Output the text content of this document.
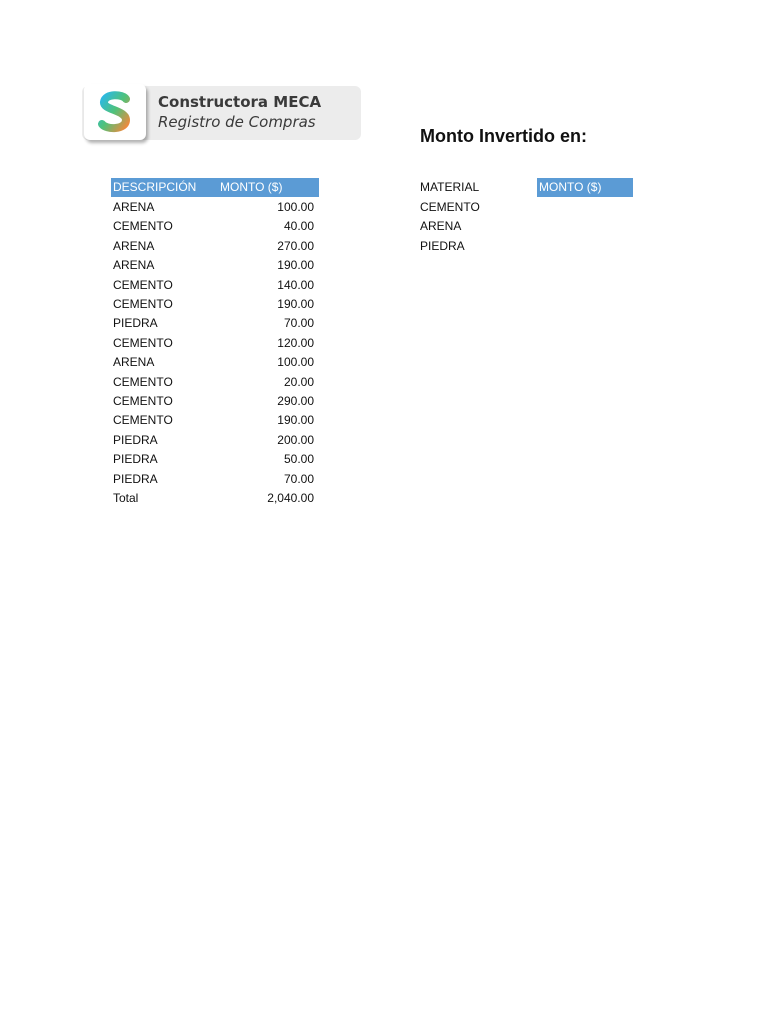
Constructora MECA
Registro de Compras
Monto Invertido en:
DESCRIPCIÓN MONTO ($)
ARENA	100.00
CEMENTO	40.00
ARENA	270.00
ARENA	190.00
CEMENTO	140.00
CEMENTO	190.00
PIEDRA	70.00
CEMENTO	120.00
ARENA	100.00
CEMENTO	20.00
CEMENTO	290.00
CEMENTO	190.00
PIEDRA	200.00
PIEDRA	50.00
PIEDRA	70.00
Total	2,040.00
MATERIAL	MONTO ($)
CEMENTO
ARENA
PIEDRA
